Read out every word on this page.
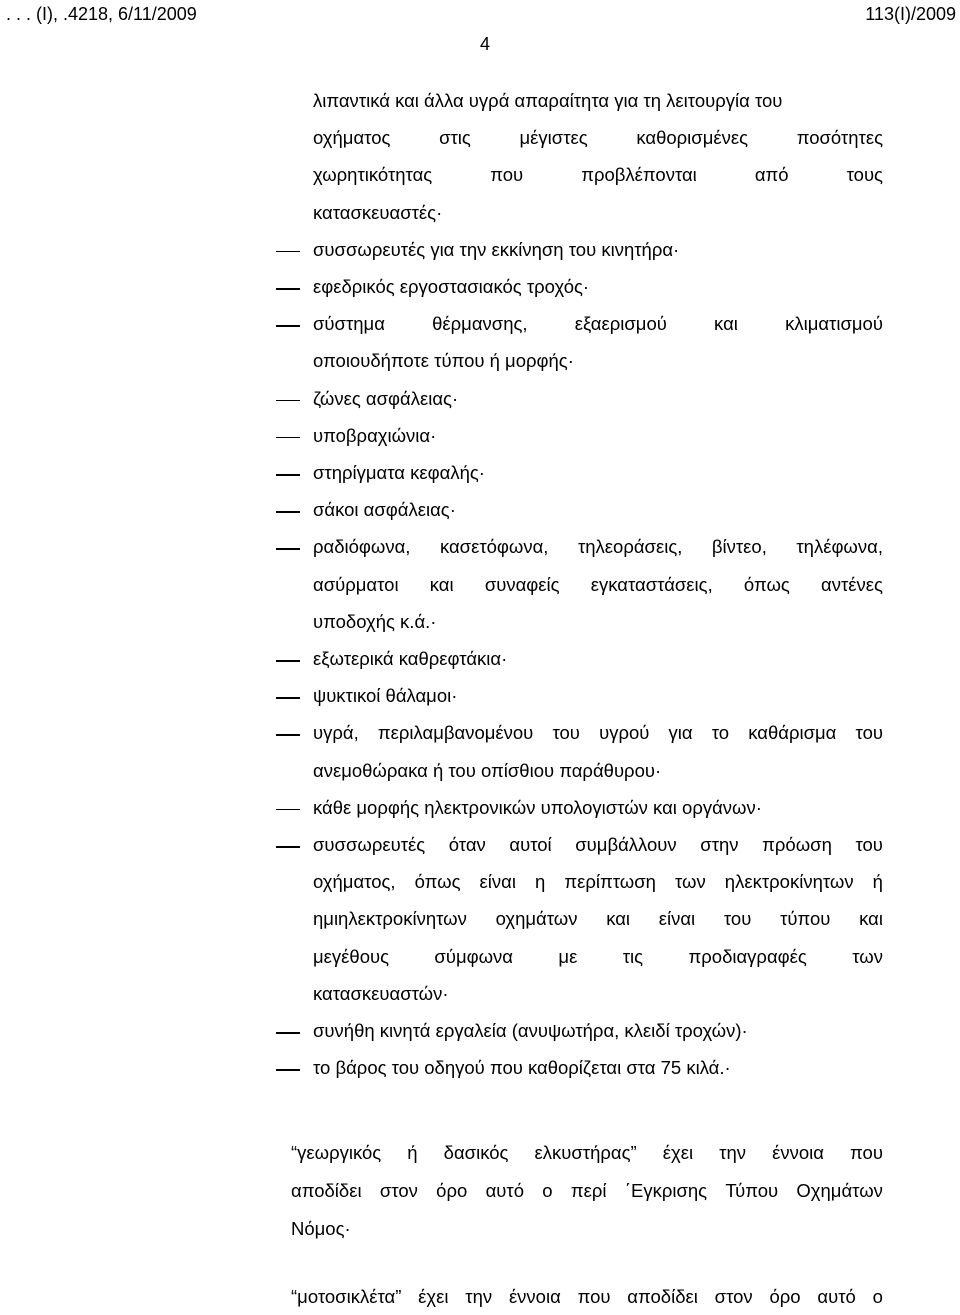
. . . (Ι), .4218, 6/11/2009	113(Ι)/2009
4
λιπαντικά και άλλα υγρά απαραίτητα για τη λειτουργία του
οχήματος	στις	μέγιστες	καθορισμένες	ποσότητες
χωρητικότητας	που	προβλέπονται	από	τους
κατασκευαστές·
συσσωρευτές για την εκκίνηση του κινητήρα·
εφεδρικός εργοστασιακός τροχός·
σύστημα	θέρμανσης,	εξαερισμού	και	κλιματισμού
οποιουδήποτε τύπου ή μορφής·
ζώνες ασφάλειας·
υποβραχιώνια·
στηρίγματα κεφαλής·
σάκοι ασφάλειας·
ραδιόφωνα, κασετόφωνα, τηλεοράσεις, βίντεο, τηλέφωνα,
ασύρματοι και συναφείς εγκαταστάσεις, όπως αντένες
υποδοχής κ.ά.·
εξωτερικά καθρεφτάκια·
ψυκτικοί θάλαμοι·
υγρά, περιλαμβανομένου του υγρού για το καθάρισμα του
ανεμοθώρακα ή του οπίσθιου παράθυρου·
κάθε μορφής ηλεκτρονικών υπολογιστών και οργάνων·
συσσωρευτές όταν αυτοί συμβάλλουν στην πρόωση του
οχήματος, όπως είναι η περίπτωση των ηλεκτροκίνητων ή
ημιηλεκτροκίνητων οχημάτων και είναι του τύπου και
μεγέθους σύμφωνα με τις προδιαγραφές των
κατασκευαστών·
συνήθη κινητά εργαλεία (ανυψωτήρα, κλειδί τροχών)·
το βάρος του οδηγού που καθορίζεται στα 75 κιλά.·
“γεωργικός ή δασικός ελκυστήρας” έχει την έννοια που
αποδίδει στον όρο αυτό ο περί ΄Εγκρισης Τύπου Οχημάτων
Νόμος·
“μοτοσικλέτα” έχει την έννοια που αποδίδει στον όρο αυτό ο
